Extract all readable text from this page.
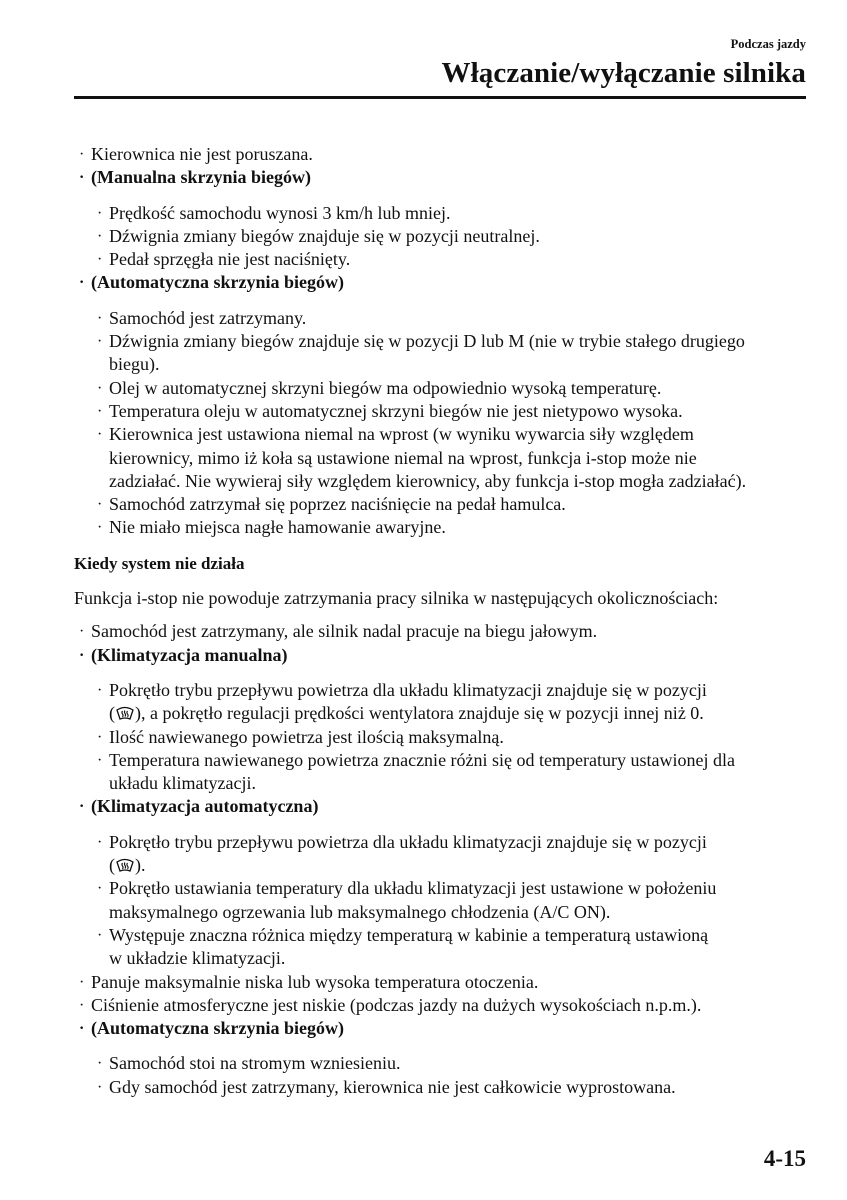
Podczas jazdy
Włączanie/wyłączanie silnika
· Kierownica nie jest poruszana.
· (Manualna skrzynia biegów)
· Prędkość samochodu wynosi 3 km/h lub mniej.
· Dźwignia zmiany biegów znajduje się w pozycji neutralnej.
· Pedał sprzęgła nie jest naciśnięty.
· (Automatyczna skrzynia biegów)
· Samochód jest zatrzymany.
· Dźwignia zmiany biegów znajduje się w pozycji D lub M (nie w trybie stałego drugiego
biegu).
· Olej w automatycznej skrzyni biegów ma odpowiednio wysoką temperaturę.
· Temperatura oleju w automatycznej skrzyni biegów nie jest nietypowo wysoka.
· Kierownica jest ustawiona niemal na wprost (w wyniku wywarcia siły względem
kierownicy, mimo iż koła są ustawione niemal na wprost, funkcja i-stop może nie
zadziałać. Nie wywieraj siły względem kierownicy, aby funkcja i-stop mogła zadziałać).
· Samochód zatrzymał się poprzez naciśnięcie na pedał hamulca.
· Nie miało miejsca nagłe hamowanie awaryjne.
Kiedy system nie działa
Funkcja i-stop nie powoduje zatrzymania pracy silnika w następujących okolicznościach:
· Samochód jest zatrzymany, ale silnik nadal pracuje na biegu jałowym.
· (Klimatyzacja manualna)
· Pokrętło trybu przepływu powietrza dla układu klimatyzacji znajduje się w pozycji
( ), a pokrętło regulacji prędkości wentylatora znajduje się w pozycji innej niż 0.
· Ilość nawiewanego powietrza jest ilością maksymalną.
· Temperatura nawiewanego powietrza znacznie różni się od temperatury ustawionej dla
układu klimatyzacji.
· (Klimatyzacja automatyczna)
· Pokrętło trybu przepływu powietrza dla układu klimatyzacji znajduje się w pozycji
( ).
· Pokrętło ustawiania temperatury dla układu klimatyzacji jest ustawione w położeniu
maksymalnego ogrzewania lub maksymalnego chłodzenia (A/C ON).
· Występuje znaczna różnica między temperaturą w kabinie a temperaturą ustawioną
w układzie klimatyzacji.
· Panuje maksymalnie niska lub wysoka temperatura otoczenia.
· Ciśnienie atmosferyczne jest niskie (podczas jazdy na dużych wysokościach n.p.m.).
· (Automatyczna skrzynia biegów)
· Samochód stoi na stromym wzniesieniu.
· Gdy samochód jest zatrzymany, kierownica nie jest całkowicie wyprostowana.
4-15
